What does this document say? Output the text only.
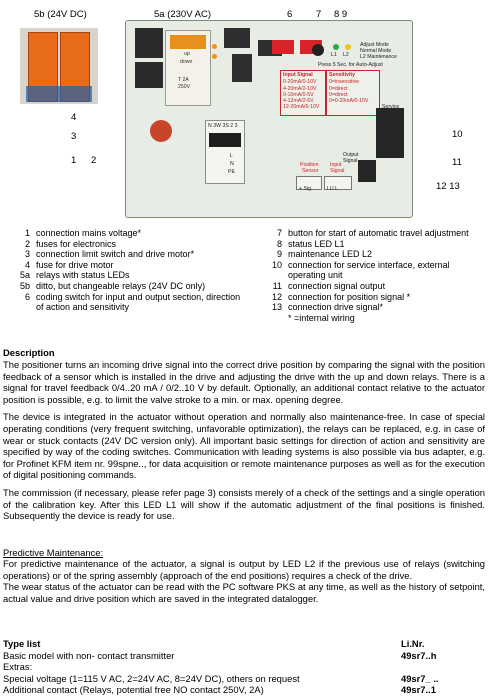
5b (24V DC)	5a (230V AC)	6 7 8 9
4
3
1 2
10
11
12 13
up
down
T 2A
250V
L1 L2
Adjust Mode
Normal Mode
L2 Maintenance
Press 5 Sec. for Auto-Adjust
Input Signal
0-20mA/0-10V
4-20mA/2-10V
0-10mA/0-5V
4-12mA/2-6V
12-20mA/6-10V
Sensitivity
0=insensitive
0=direct
0=direct
0=0-20mA/0-10V
N 3W 3S 2 3
L
N
PE
Service
Output
Signal
Position
Sensor
Input
Signal
+ Sig.	I U L
1 connection mains voltage*
2 fuses for electronics
3 connection limit switch and drive motor*
4 fuse for drive motor
5a relays with status LEDs
5b ditto, but changeable relays (24V DC only)
6 coding switch for input and output section, direction of action and sensitivity
7 button for start of automatic travel adjustment
8 status LED L1
9 maintenance LED L2
10 connection for service interface, external operating unit
11 connection signal output
12 connection for position signal *
13 connection drive signal*
* =internal wiring
Description
The positioner turns an incoming drive signal into the correct drive position by comparing the signal with the position feedback of a sensor which is installed in the drive and adjusting the drive with the up and down relays. There is a signal for travel feedback 0/4..20 mA / 0/2..10 V by default. Optionally, an additional contact relative to the actuator position is possible, e.g. to limit the valve stroke to a min. or max. opening degree.
The device is integrated in the actuator without operation and normally also maintenance-free. In case of special operating conditions (very frequent switching, unfavorable optimization), the relays can be replaced, e.g. in case of wear or stuck contacts (24V DC version only). All important basic settings for direction of action and sensitivity are specified by way of the coding switches. Communication with leading systems is also possible via bus adapter, e.g. for Profinet KFM item nr. 99spne.., for data acquisition or remote maintenance purposes as well as for the execution of digital positioning commands.
The commission (if necessary, please refer page 3) consists merely of a check of the settings and a single operation of the calibration key. After this LED L1 will show if the automatic adjustment of the final positions is finished. Subsequently the device is ready for use.
Predictive Maintenance:
For predictive maintenance of the actuator, a signal is output by LED L2 if the previous use of relays (switching operations) or of the spring assembly (approach of the end positions) requires a check of the drive.
The wear status of the actuator can be read with the PC software PKS at any time, as well as the history of setpoint, actual value and drive position which are saved in the integrated datalogger.
Type list	Li.Nr.
Basic model with non- contact transmitter	49sr7..h
Extras:
Special voltage (1=115 V AC, 2=24V AC, 8=24V DC), others on request	49sr7_ ..
Additional contact (Relays, potential free NO contact 250V, 2A)	49sr7..1
